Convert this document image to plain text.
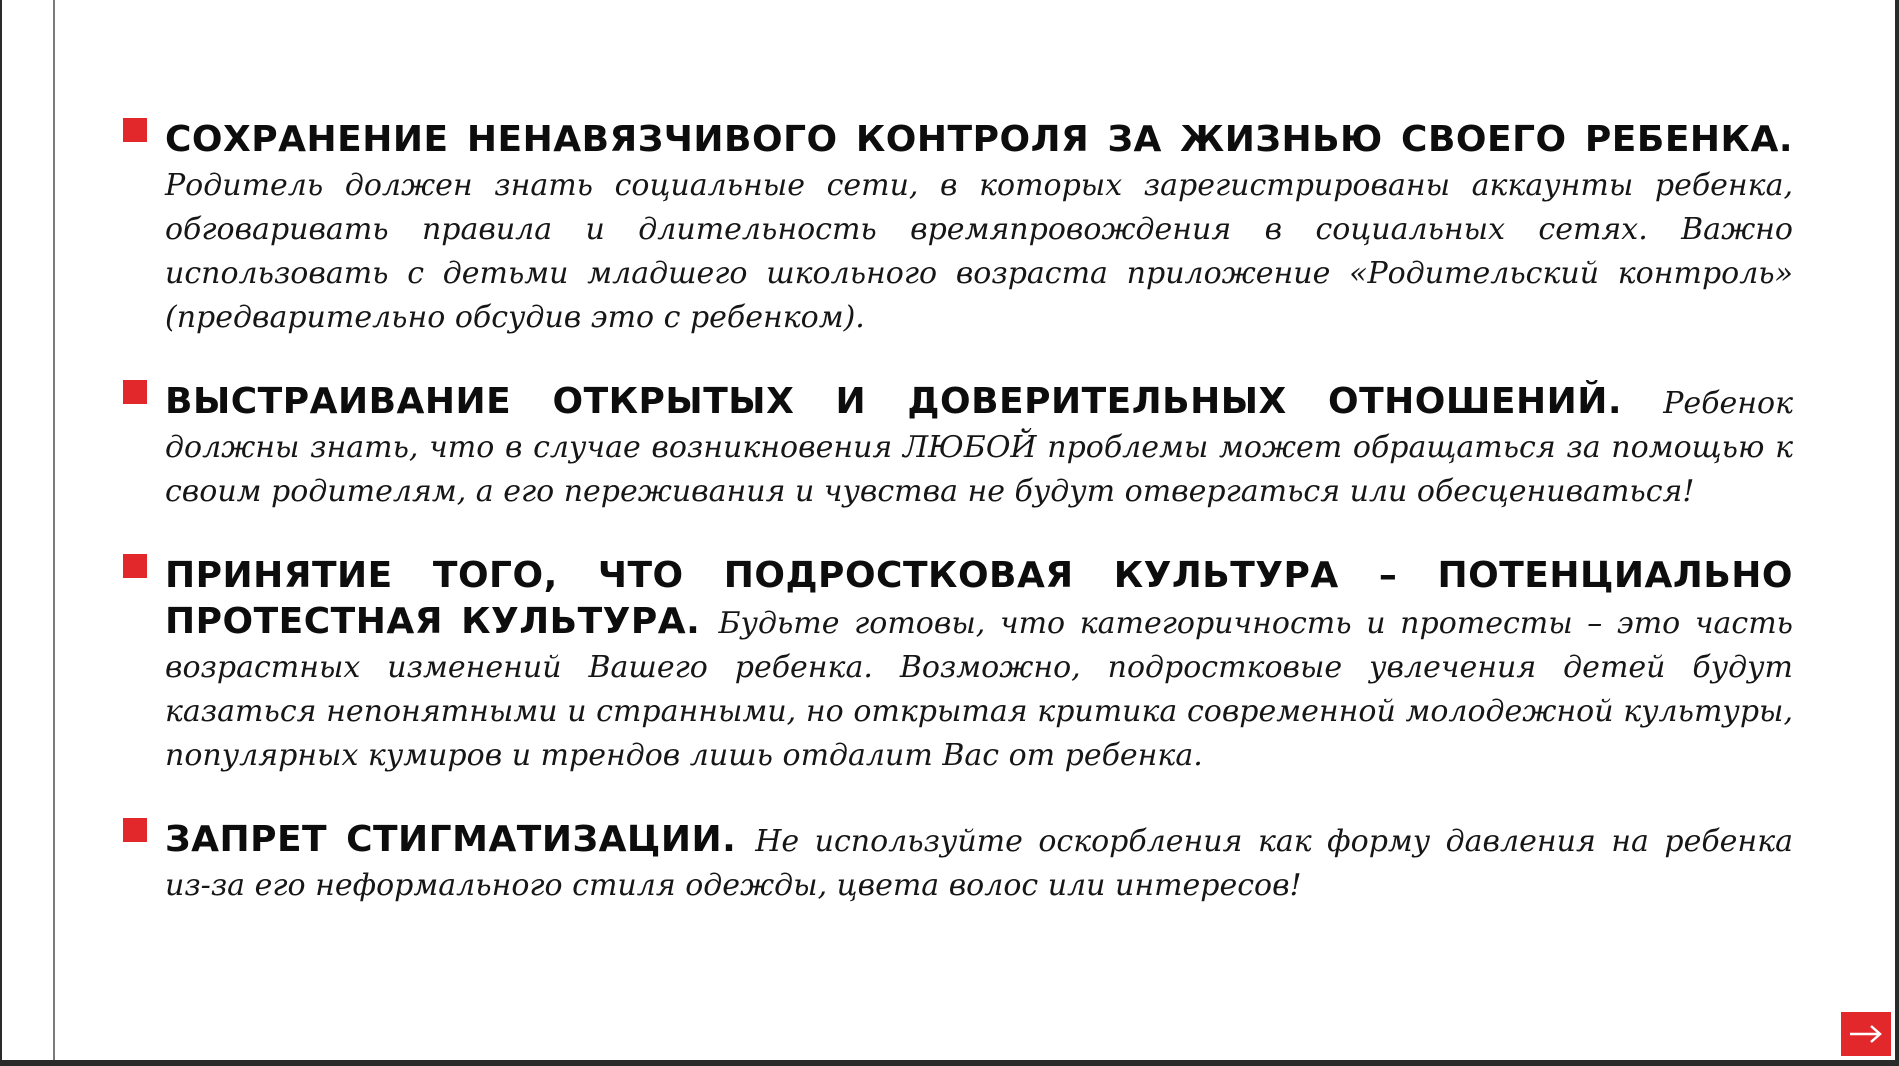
СОХРАНЕНИЕ НЕНАВЯЗЧИВОГО КОНТРОЛЯ ЗА ЖИЗНЬЮ СВОЕГО РЕБЕНКА. Родитель должен знать социальные сети, в которых зарегистрированы аккаунты ребенка, обговаривать правила и длительность времяпровождения в социальных сетях. Важно использовать с детьми младшего школьного возраста приложение «Родительский контроль» (предварительно обсудив это с ребенком).
ВЫСТРАИВАНИЕ ОТКРЫТЫХ И ДОВЕРИТЕЛЬНЫХ ОТНОШЕНИЙ. Ребенок должны знать, что в случае возникновения ЛЮБОЙ проблемы может обращаться за помощью к своим родителям, а его переживания и чувства не будут отвергаться или обесцениваться!
ПРИНЯТИЕ ТОГО, ЧТО ПОДРОСТКОВАЯ КУЛЬТУРА – ПОТЕНЦИАЛЬНО ПРОТЕСТНАЯ КУЛЬТУРА. Будьте готовы, что категоричность и протесты – это часть возрастных изменений Вашего ребенка. Возможно, подростковые увлечения детей будут казаться непонятными и странными, но открытая критика современной молодежной культуры, популярных кумиров и трендов лишь отдалит Вас от ребенка.
ЗАПРЕТ СТИГМАТИЗАЦИИ. Не используйте оскорбления как форму давления на ребенка из-за его неформального стиля одежды, цвета волос или интересов!
